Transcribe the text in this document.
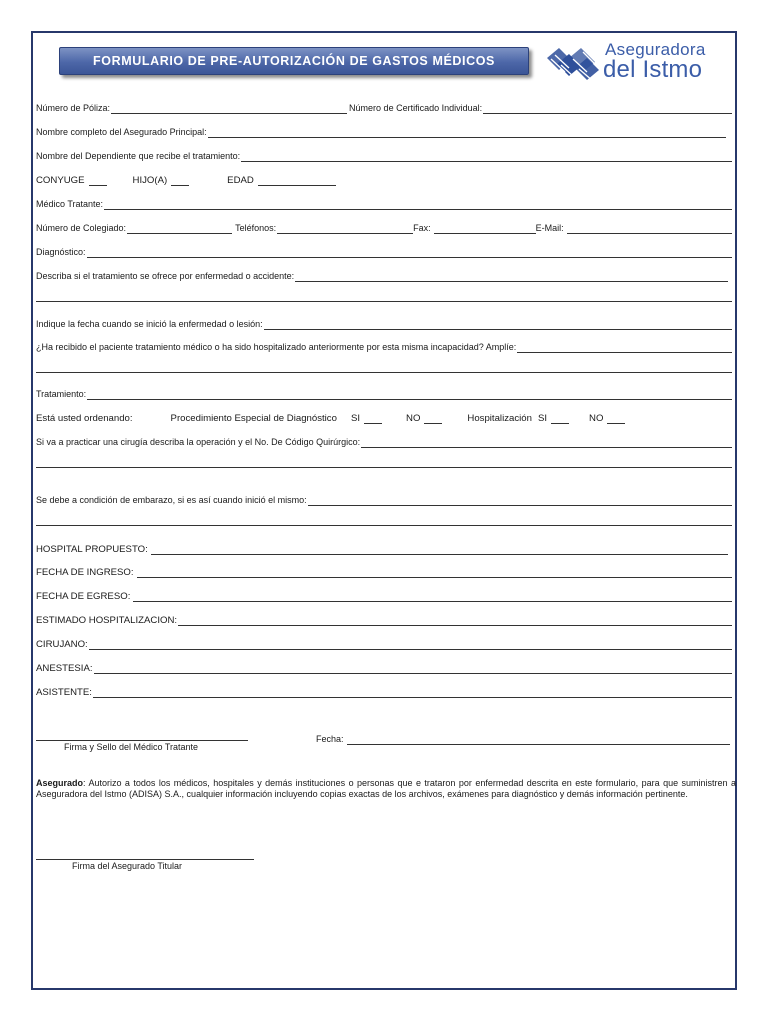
FORMULARIO DE PRE-AUTORIZACIÓN DE GASTOS MÉDICOS
Aseguradora
del Istmo
Número de Póliza:	Número de Certificado Individual:
Nombre completo del Asegurado Principal:
Nombre del Dependiente que recibe el tratamiento:
CONYUGE	HIJO(A)	EDAD
Médico Tratante:
Número de Colegiado:	Teléfonos:	Fax:	E-Mail:
Diagnóstico:
Describa si el tratamiento se ofrece por enfermedad o accidente:
Indique la fecha cuando se inició la enfermedad o lesión:
¿Ha recibido el paciente tratamiento médico o ha sido hospitalizado anteriormente por esta misma incapacidad? Amplíe:
Tratamiento:
Está usted ordenando:	Procedimiento Especial de Diagnóstico SI	NO	Hospitalización SI	NO
Si va a practicar una cirugía describa la operación y el No. De Código Quirúrgico:
Se debe a condición de embarazo, si es así cuando inició el mismo:
HOSPITAL PROPUESTO:
FECHA DE INGRESO:
FECHA DE EGRESO:
ESTIMADO HOSPITALIZACION:
CIRUJANO:
ANESTESIA:
ASISTENTE:
Firma y Sello del Médico Tratante
Fecha:
Asegurado: Autorizo a todos los médicos, hospitales y demás instituciones o personas que e trataron por enfermedad descrita en este formulario, para que suministren a Aseguradora del Istmo (ADISA) S.A., cualquier información incluyendo copias exactas de los archivos, exámenes para diagnóstico y demás información pertinente.
Firma del Asegurado Titular
